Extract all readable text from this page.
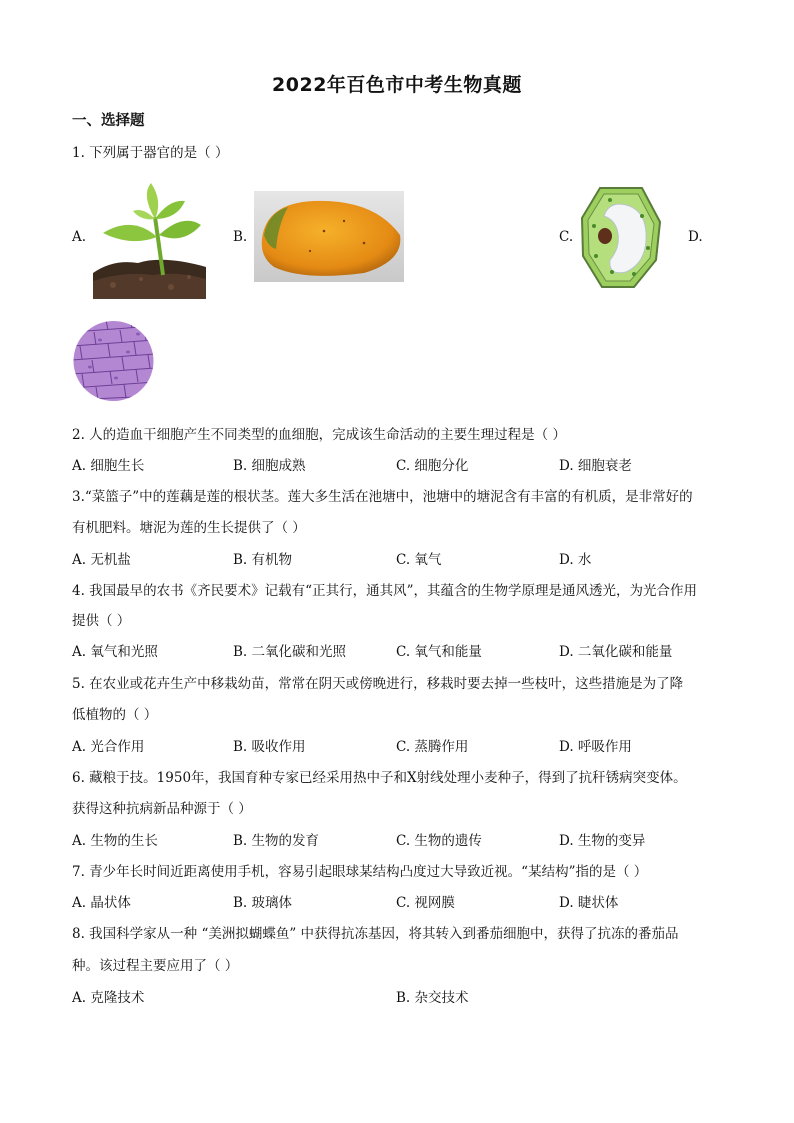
2022年百色市中考生物真题
一、选择题
1. 下列属于器官的是（ ）
A.	B.	C.	D.
2. 人的造血干细胞产生不同类型的血细胞，完成该生命活动的主要生理过程是（ ）
A. 细胞生长	B. 细胞成熟	C. 细胞分化	D. 细胞衰老
3.“菜篮子”中的莲藕是莲的根状茎。莲大多生活在池塘中，池塘中的塘泥含有丰富的有机质，是非常好的
有机肥料。塘泥为莲的生长提供了（ ）
A. 无机盐	B. 有机物	C. 氧气	D. 水
4. 我国最早的农书《齐民要术》记载有“正其行，通其风”，其蕴含的生物学原理是通风透光，为光合作用
提供（ ）
A. 氧气和光照	B. 二氧化碳和光照	C. 氧气和能量	D. 二氧化碳和能量
5. 在农业或花卉生产中移栽幼苗，常常在阴天或傍晚进行，移栽时要去掉一些枝叶，这些措施是为了降
低植物的（ ）
A. 光合作用	B. 吸收作用	C. 蒸腾作用	D. 呼吸作用
6. 藏粮于技。1950年，我国育种专家已经采用热中子和X射线处理小麦种子，得到了抗秆锈病突变体。
获得这种抗病新品种源于（ ）
A. 生物的生长	B. 生物的发育	C. 生物的遗传	D. 生物的变异
7. 青少年长时间近距离使用手机，容易引起眼球某结构凸度过大导致近视。“某结构”指的是（ ）
A. 晶状体	B. 玻璃体	C. 视网膜	D. 睫状体
8. 我国科学家从一种 “美洲拟蝴蝶鱼” 中获得抗冻基因，将其转入到番茄细胞中，获得了抗冻的番茄品
种。该过程主要应用了（ ）
A. 克隆技术	B. 杂交技术
